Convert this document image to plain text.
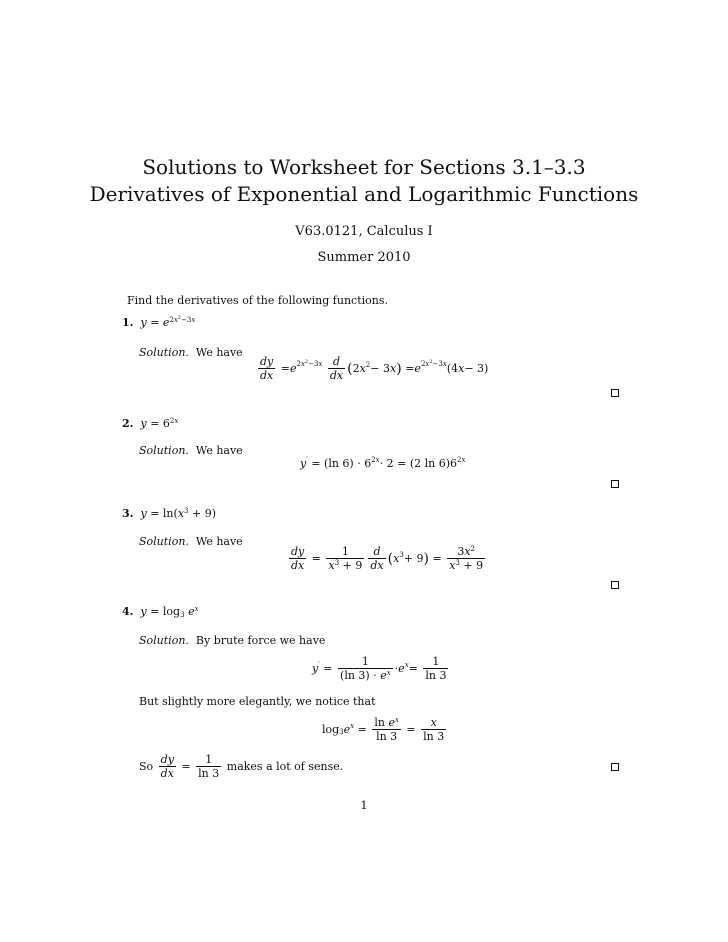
Solutions to Worksheet for Sections 3.1–3.3
Derivatives of Exponential and Logarithmic Functions
V63.0121, Calculus I
Summer 2010
Find the derivatives of the following functions.
1. $y = e^{2x^2-3x}$
Solution. We have
$\frac{dy}{dx} = e^{2x^2-3x}$
$\frac{d}{dx}$ ( 2 $x^2 - 3$ x ) = $e^{2x^2-3x}$ (4 x − 3)
2. $y = 6^{2x}$
Solution. We have
y′ = (ln $6) \cdot 6^{2x} \cdot 2 = (2$ $\ln 6)6^{2x}$
3. $y = \ln(x^3 + 9)$
Solution. We have
$\frac{dy}{dx} = \frac{1}{x^3 + 9} \frac{d}{dx}$ ( $x^3 + 9$ ) = $\frac{3x^2}{x^3 + 9}$
4. $y = \log_3 e^x$
Solution. By brute force we have
$y' = \frac{1}{(\ln 3) \cdot e^x} \cdot e$ $^x = \frac{1}{\ln 3}$
But slightly more elegantly, we notice that
$\log_3 e$ $^x = \frac{\ln e^x}{\ln 3} = \frac{x}{\ln 3}$
So
$\frac{dy}{dx} = \frac{1}{\ln 3}$
makes a lot of sense.
1
